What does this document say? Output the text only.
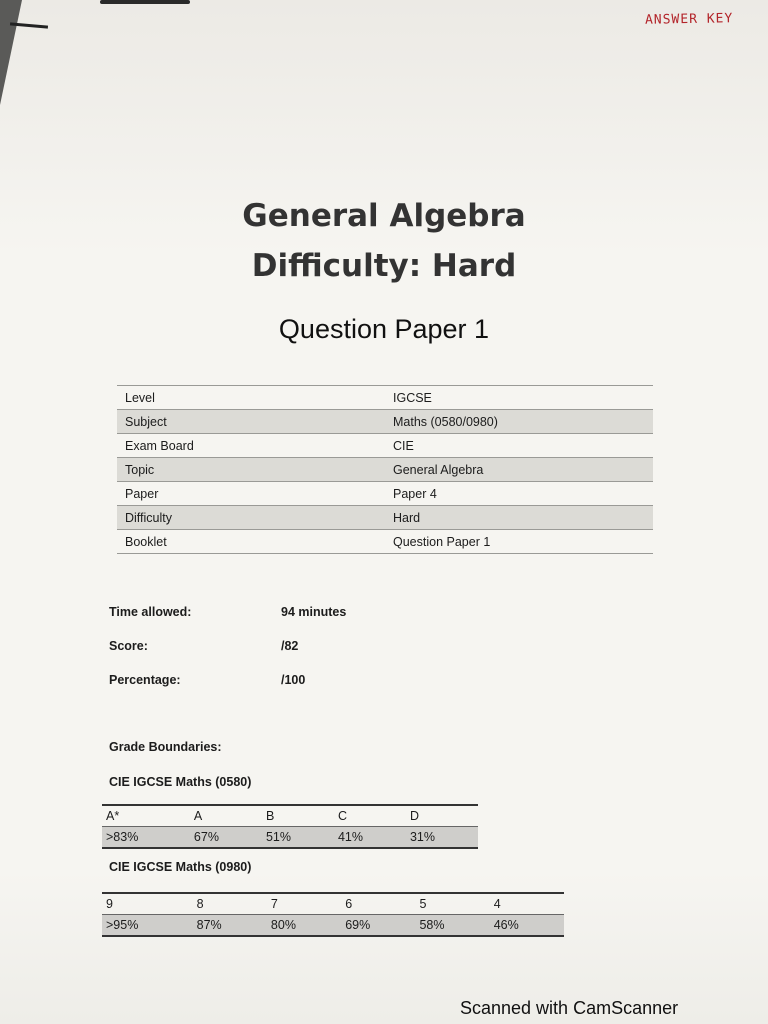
ANSWER KEY
General Algebra
Difficulty: Hard
Question Paper 1
Level	IGCSE
Subject	Maths (0580/0980)
Exam Board	CIE
Topic	General Algebra
Paper	Paper 4
Difficulty	Hard
Booklet	Question Paper 1
Time allowed:	94 minutes
Score:	/82
Percentage:	/100
Grade Boundaries:
CIE IGCSE Maths (0580)
A*	A	B	C	D
>83%	67%	51%	41%	31%
CIE IGCSE Maths (0980)
9	8	7	6	5	4
>95%	87%	80%	69%	58%	46%
Scanned with CamScanner
